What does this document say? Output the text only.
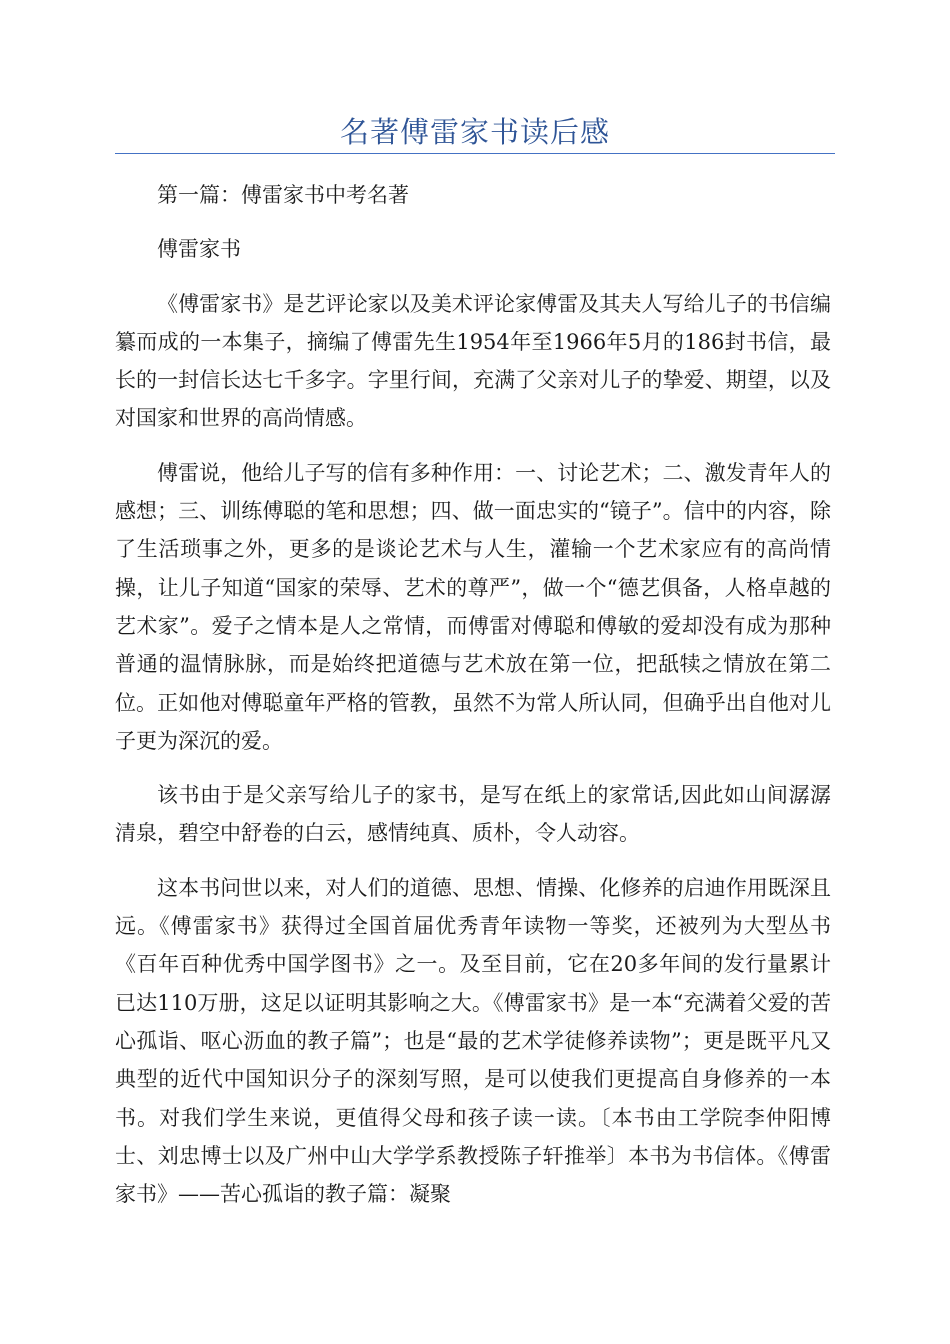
名著傅雷家书读后感

第一篇：傅雷家书中考名著

傅雷家书

《傅雷家书》是艺评论家以及美术评论家傅雷及其夫人写给儿子的书信编纂而成的一本集子，摘编了傅雷先生1954年至1966年5月的186封书信，最长的一封信长达七千多字。字里行间，充满了父亲对儿子的挚爱、期望，以及对国家和世界的高尚情感。

傅雷说，他给儿子写的信有多种作用：一、讨论艺术；二、激发青年人的感想；三、训练傅聪的笔和思想；四、做一面忠实的“镜子”。信中的内容，除了生活琐事之外，更多的是谈论艺术与人生，灌输一个艺术家应有的高尚情操，让儿子知道“国家的荣辱、艺术的尊严”，做一个“德艺俱备，人格卓越的艺术家”。爱子之情本是人之常情，而傅雷对傅聪和傅敏的爱却没有成为那种普通的温情脉脉，而是始终把道德与艺术放在第一位，把舐犊之情放在第二位。正如他对傅聪童年严格的管教，虽然不为常人所认同，但确乎出自他对儿子更为深沉的爱。

该书由于是父亲写给儿子的家书，是写在纸上的家常话,因此如山间潺潺清泉，碧空中舒卷的白云，感情纯真、质朴，令人动容。

这本书问世以来，对人们的道德、思想、情操、化修养的启迪作用既深且远。《傅雷家书》获得过全国首届优秀青年读物一等奖，还被列为大型丛书《百年百种优秀中国学图书》之一。及至目前，它在20多年间的发行量累计已达110万册，这足以证明其影响之大。《傅雷家书》是一本“充满着父爱的苦心孤诣、呕心沥血的教子篇”；也是“最的艺术学徒修养读物”；更是既平凡又典型的近代中国知识分子的深刻写照，是可以使我们更提高自身修养的一本书。对我们学生来说，更值得父母和孩子读一读。〔本书由工学院李仲阳博士、刘忠博士以及广州中山大学学系教授陈子轩推举〕本书为书信体。《傅雷家书》——苦心孤诣的教子篇：凝聚
